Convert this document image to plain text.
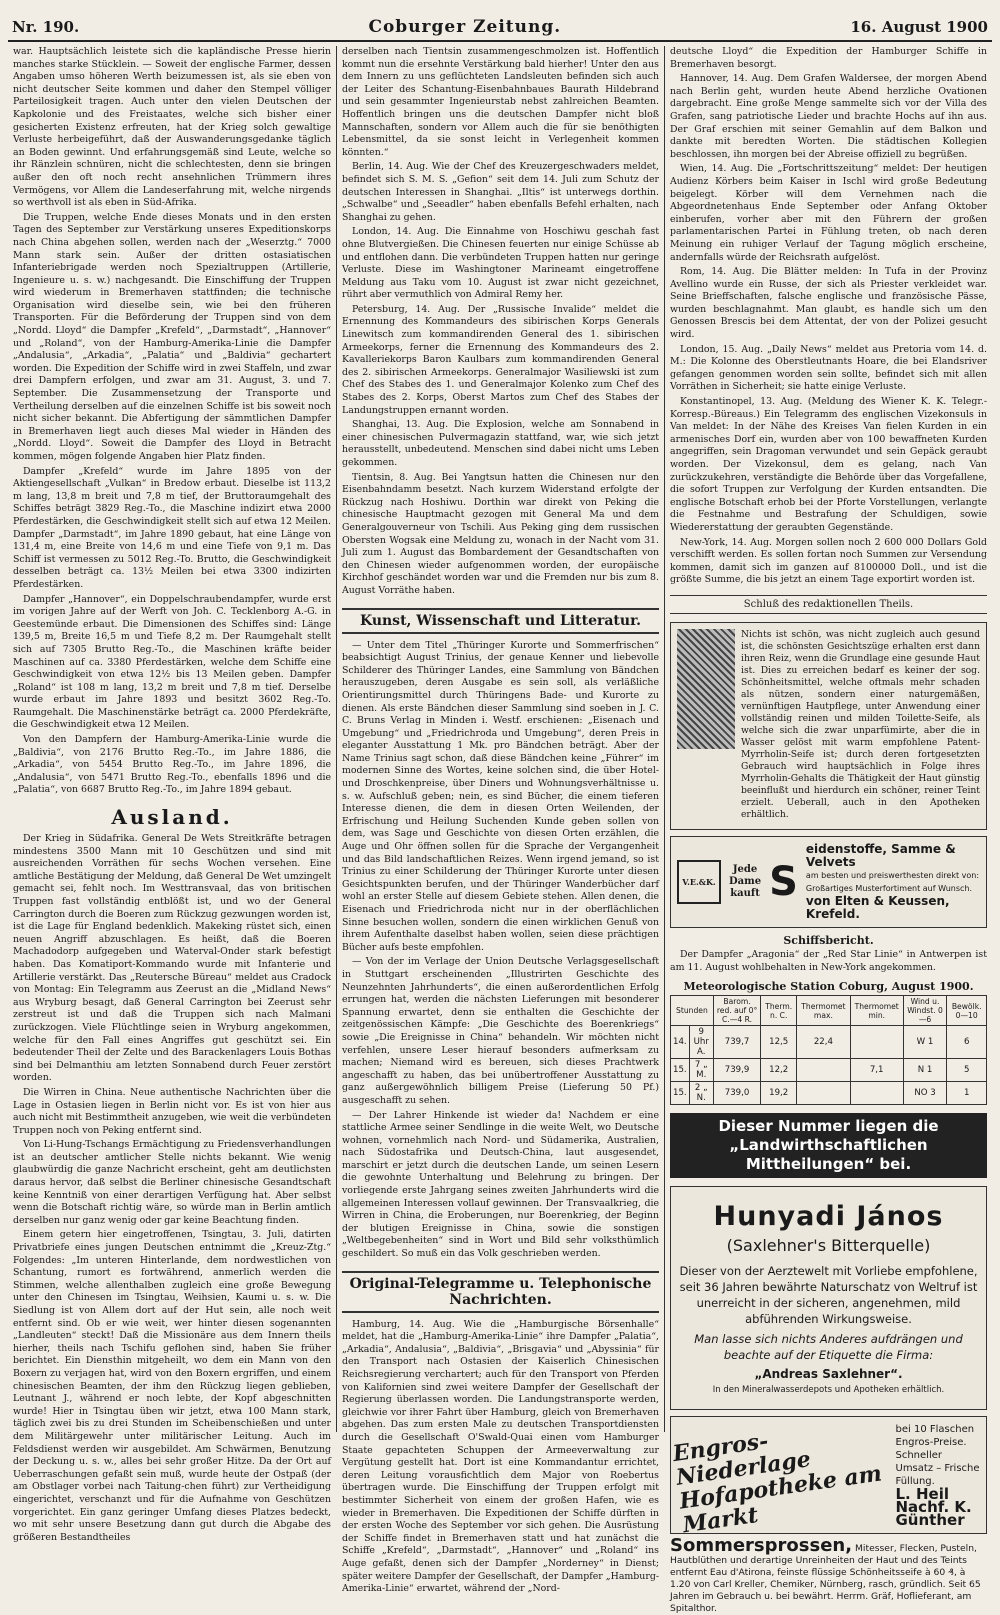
Nr. 190.	Coburger Zeitung.	16. August 1900

war. Hauptsächlich leistete sich die kapländische Presse hierin manches starke Stücklein. — Soweit der englische Farmer, dessen Angaben umso höheren Werth beizumessen ist, als sie eben von nicht deutscher Seite kommen und daher den Stempel völliger Parteilosigkeit tragen. Auch unter den vielen Deutschen der Kapkolonie und des Freistaates, welche sich bisher einer gesicherten Existenz erfreuten, hat der Krieg solch gewaltige Verluste herbeigeführt, daß der Auswanderungsgedanke täglich an Boden gewinnt. Und erfahrungsgemäß sind Leute, welche so ihr Ränzlein schnüren, nicht die schlechtesten, denn sie bringen außer den oft noch recht ansehnlichen Trümmern ihres Vermögens, vor Allem die Landeserfahrung mit, welche nirgends so werthvoll ist als eben in Süd-Afrika.

Die Truppen, welche Ende dieses Monats und in den ersten Tagen des September zur Verstärkung unseres Expeditionskorps nach China abgehen sollen, werden nach der „Weserztg.“ 7000 Mann stark sein. Außer der dritten ostasiatischen Infanteriebrigade werden noch Spezialtruppen (Artillerie, Ingenieure u. s. w.) nachgesandt. Die Einschiffung der Truppen wird wiederum in Bremerhaven stattfinden; die technische Organisation wird dieselbe sein, wie bei den früheren Transporten. Für die Beförderung der Truppen sind von dem „Nordd. Lloyd“ die Dampfer „Krefeld“, „Darmstadt“, „Hannover“ und „Roland“, von der Hamburg-Amerika-Linie die Dampfer „Andalusia“, „Arkadia“, „Palatia“ und „Baldivia“ gechartert worden. Die Expedition der Schiffe wird in zwei Staffeln, und zwar drei Dampfern erfolgen, und zwar am 31. August, 3. und 7. September. Die Zusammensetzung der Transporte und Vertheilung derselben auf die einzelnen Schiffe ist bis soweit noch nicht sicher bekannt. Die Abfertigung der sämmtlichen Dampfer in Bremerhaven liegt auch dieses Mal wieder in Händen des „Nordd. Lloyd“. Soweit die Dampfer des Lloyd in Betracht kommen, mögen folgende Angaben hier Platz finden.

Dampfer „Krefeld“ wurde im Jahre 1895 von der Aktiengesellschaft „Vulkan“ in Bredow erbaut. Dieselbe ist 113,2 m lang, 13,8 m breit und 7,8 m tief, der Bruttoraumgehalt des Schiffes beträgt 3829 Reg.-To., die Maschine indizirt etwa 2000 Pferdestärken, die Geschwindigkeit stellt sich auf etwa 12 Meilen. Dampfer „Darmstadt“, im Jahre 1890 gebaut, hat eine Länge von 131,4 m, eine Breite von 14,6 m und eine Tiefe von 9,1 m. Das Schiff ist vermessen zu 5012 Reg.-To. Brutto, die Geschwindigkeit desselben beträgt ca. 13½ Meilen bei etwa 3300 indizirten Pferdestärken.

Dampfer „Hannover“, ein Doppelschraubendampfer, wurde erst im vorigen Jahre auf der Werft von Joh. C. Tecklenborg A.-G. in Geestemünde erbaut. Die Dimensionen des Schiffes sind: Länge 139,5 m, Breite 16,5 m und Tiefe 8,2 m. Der Raumgehalt stellt sich auf 7305 Brutto Reg.-To., die Maschinen kräfte beider Maschinen auf ca. 3380 Pferdestärken, welche dem Schiffe eine Geschwindigkeit von etwa 12½ bis 13 Meilen geben. Dampfer „Roland“ ist 108 m lang, 13,2 m breit und 7,8 m tief. Derselbe wurde erbaut im Jahre 1893 und besitzt 3602 Reg.-To. Raumgehalt. Die Maschinenstärke beträgt ca. 2000 Pferdekräfte, die Geschwindigkeit etwa 12 Meilen.

Von den Dampfern der Hamburg-Amerika-Linie wurde die „Baldivia“, von 2176 Brutto Reg.-To., im Jahre 1886, die „Arkadia“, von 5454 Brutto Reg.-To., im Jahre 1896, die „Andalusia“, von 5471 Brutto Reg.-To., ebenfalls 1896 und die „Palatia“, von 6687 Brutto Reg.-To., im Jahre 1894 gebaut.

Ausland.

Der Krieg in Südafrika. General De Wets Streitkräfte betragen mindestens 3500 Mann mit 10 Geschützen und sind mit ausreichenden Vorräthen für sechs Wochen versehen. Eine amtliche Bestätigung der Meldung, daß General De Wet umzingelt gemacht sei, fehlt noch. Im Westtransvaal, das von britischen Truppen fast vollständig entblößt ist, und wo der General Carrington durch die Boeren zum Rückzug gezwungen worden ist, ist die Lage für England bedenklich. Makeking rüstet sich, einen neuen Angriff abzuschlagen. Es heißt, daß die Boeren Machadodorp aufgegeben und Waterval-Onder stark befestigt haben. Das Komatiport-Kommando wurde mit Infanterie und Artillerie verstärkt. Das „Reutersche Büreau“ meldet aus Cradock von Montag: Ein Telegramm aus Zeerust an die „Midland News“ aus Wryburg besagt, daß General Carrington bei Zeerust sehr zerstreut ist und daß die Truppen sich nach Malmani zurückzogen. Viele Flüchtlinge seien in Wryburg angekommen, welche für den Fall eines Angriffes gut geschützt sei. Ein bedeutender Theil der Zelte und des Barackenlagers Louis Bothas sind bei Delmanthiu am letzten Sonnabend durch Feuer zerstört worden.

Die Wirren in China. Neue authentische Nachrichten über die Lage in Ostasien liegen in Berlin nicht vor. Es ist von hier aus auch nicht mit Bestimmtheit anzugeben, wie weit die verbündeten Truppen noch von Peking entfernt sind.

Von Li-Hung-Tschangs Ermächtigung zu Friedensverhandlungen ist an deutscher amtlicher Stelle nichts bekannt. Wie wenig glaubwürdig die ganze Nachricht erscheint, geht am deutlichsten daraus hervor, daß selbst die Berliner chinesische Gesandtschaft keine Kenntniß von einer derartigen Verfügung hat. Aber selbst wenn die Botschaft richtig wäre, so würde man in Berlin amtlich derselben nur ganz wenig oder gar keine Beachtung finden.

Einem getern hier eingetroffenen, Tsingtau, 3. Juli, datirten Privatbriefe eines jungen Deutschen entnimmt die „Kreuz-Ztg.“ Folgendes: „Im unteren Hinterlande, dem nordwestlichen von Schantung, rumort es fortwährend, anmerlich werden die Stimmen, welche allenthalben zugleich eine große Bewegung unter den Chinesen im Tsingtau, Weihsien, Kaumi u. s. w. Die Siedlung ist von Allem dort auf der Hut sein, alle noch weit entfernt sind. Ob er wie weit, wer hinter diesen sogenannten „Landleuten“ steckt! Daß die Missionäre aus dem Innern theils hierher, theils nach Tschifu geflohen sind, haben Sie früher berichtet. Ein Diensthin mitgeheilt, wo dem ein Mann von den Boxern zu verjagen hat, wird von den Boxern ergriffen, und einem chinesischen Beamten, der ihm den Rückzug liegen geblieben, Leutnant J., während er noch lebte, der Kopf abgeschnitten wurde! Hier in Tsingtau üben wir jetzt, etwa 100 Mann stark, täglich zwei bis zu drei Stunden im Scheibenschießen und unter dem Militärgewehr unter militärischer Leitung. Auch im Feldsdienst werden wir ausgebildet. Am Schwärmen, Benutzung der Deckung u. s. w., alles bei sehr großer Hitze. Da der Ort auf Ueberraschungen gefaßt sein muß, wurde heute der Ostpaß (der am Obstlager vorbei nach Taitung-chen führt) zur Vertheidigung eingerichtet, verschanzt und für die Aufnahme von Geschützen vorgerichtet. Ein ganz geringer Umfang dieses Platzes bedeckt, wo mit sehr unsere Besetzung dann gut durch die Abgabe des größeren Bestandtheiles

derselben nach Tientsin zusammengeschmolzen ist. Hoffentlich kommt nun die ersehnte Verstärkung bald hierher! Unter den aus dem Innern zu uns geflüchteten Landsleuten befinden sich auch der Leiter des Schantung-Eisenbahnbaues Baurath Hildebrand und sein gesammter Ingenieurstab nebst zahlreichen Beamten. Hoffentlich bringen uns die deutschen Dampfer nicht bloß Mannschaften, sondern vor Allem auch die für sie benöthigten Lebensmittel, da sie sonst leicht in Verlegenheit kommen könnten.“

Berlin, 14. Aug. Wie der Chef des Kreuzergeschwaders meldet, befindet sich S. M. S. „Gefion“ seit dem 14. Juli zum Schutz der deutschen Interessen in Shanghai. „Iltis“ ist unterwegs dorthin. „Schwalbe“ und „Seeadler“ haben ebenfalls Befehl erhalten, nach Shanghai zu gehen.

London, 14. Aug. Die Einnahme von Hoschiwu geschah fast ohne Blutvergießen. Die Chinesen feuerten nur einige Schüsse ab und entflohen dann. Die verbündeten Truppen hatten nur geringe Verluste. Diese im Washingtoner Marineamt eingetroffene Meldung aus Taku vom 10. August ist zwar nicht gezeichnet, rührt aber vermuthlich von Admiral Remy her.

Petersburg, 14. Aug. Der „Russische Invalide“ meldet die Ernennung des Kommandeurs des sibirischen Korps Generals Linewitsch zum kommandirenden General des 1. sibirischen Armeekorps, ferner die Ernennung des Kommandeurs des 2. Kavalleriekorps Baron Kaulbars zum kommandirenden General des 2. sibirischen Armeekorps. Generalmajor Wasiliewski ist zum Chef des Stabes des 1. und Generalmajor Kolenko zum Chef des Stabes des 2. Korps, Oberst Martos zum Chef des Stabes der Landungstruppen ernannt worden.

Shanghai, 13. Aug. Die Explosion, welche am Sonnabend in einer chinesischen Pulvermagazin stattfand, war, wie sich jetzt herausstellt, unbedeutend. Menschen sind dabei nicht ums Leben gekommen.

Tientsin, 8. Aug. Bei Yangtsun hatten die Chinesen nur den Eisenbahndamm besetzt. Nach kurzem Widerstand erfolgte der Rückzug nach Hoshiwu. Dorthin war direkt von Peking die chinesische Hauptmacht gezogen mit General Ma und dem Generalgouverneur von Tschili. Aus Peking ging dem russischen Obersten Wogsak eine Meldung zu, wonach in der Nacht vom 31. Juli zum 1. August das Bombardement der Gesandtschaften von den Chinesen wieder aufgenommen worden, der europäische Kirchhof geschändet worden war und die Fremden nur bis zum 8. August Vorräthe haben.

Kunst, Wissenschaft und Litteratur.

— Unter dem Titel „Thüringer Kurorte und Sommerfrischen“ beabsichtigt August Trinius, der genaue Kenner und liebevolle Schilderer des Thüringer Landes, eine Sammlung von Bändchen herauszugeben, deren Ausgabe es sein soll, als verläßliche Orientirungsmittel durch Thüringens Bade- und Kurorte zu dienen. Als erste Bändchen dieser Sammlung sind soeben in J. C. C. Bruns Verlag in Minden i. Westf. erschienen: „Eisenach und Umgebung“ und „Friedrichroda und Umgebung“, deren Preis in eleganter Ausstattung 1 Mk. pro Bändchen beträgt. Aber der Name Trinius sagt schon, daß diese Bändchen keine „Führer“ im modernen Sinne des Wortes, keine solchen sind, die über Hotel- und Droschkenpreise, über Diners und Wohnungsverhältnisse u. s. w. Aufschluß geben; nein, es sind Bücher, die einem tieferen Interesse dienen, die dem in diesen Orten Weilenden, der Erfrischung und Heilung Suchenden Kunde geben sollen von dem, was Sage und Geschichte von diesen Orten erzählen, die Auge und Ohr öffnen sollen für die Sprache der Vergangenheit und das Bild landschaftlichen Reizes. Wenn irgend jemand, so ist Trinius zu einer Schilderung der Thüringer Kurorte unter diesen Gesichtspunkten berufen, und der Thüringer Wanderbücher darf wohl an erster Stelle auf diesem Gebiete stehen. Allen denen, die Eisenach und Friedrichroda nicht nur in der oberflächlichen Sinne besuchen wollen, sondern die einen wirklichen Genuß von ihrem Aufenthalte daselbst haben wollen, seien diese prächtigen Bücher aufs beste empfohlen.

— Von der im Verlage der Union Deutsche Verlagsgesellschaft in Stuttgart erscheinenden „Illustrirten Geschichte des Neunzehnten Jahrhunderts“, die einen außerordentlichen Erfolg errungen hat, werden die nächsten Lieferungen mit besonderer Spannung erwartet, denn sie enthalten die Geschichte der zeitgenössischen Kämpfe: „Die Geschichte des Boerenkriegs“ sowie „Die Ereignisse in China“ behandeln. Wir möchten nicht verfehlen, unsere Leser hierauf besonders aufmerksam zu machen; Niemand wird es bereuen, sich dieses Prachtwerk angeschafft zu haben, das bei unübertroffener Ausstattung zu ganz außergewöhnlich billigem Preise (Lieferung 50 Pf.) ausgeschafft zu sehen.

— Der Lahrer Hinkende ist wieder da! Nachdem er eine stattliche Armee seiner Sendlinge in die weite Welt, wo Deutsche wohnen, vornehmlich nach Nord- und Südamerika, Australien, nach Südostafrika und Deutsch-China, laut ausgesendet, marschirt er jetzt durch die deutschen Lande, um seinen Lesern die gewohnte Unterhaltung und Belehrung zu bringen. Der vorliegende erste Jahrgang seines zweiten Jahrhunderts wird die allgemeinen Interessen vollauf gewinnen. Der Transvaalkrieg, die Wirren in China, die Eroberungen, nur Boerenkrieg, der Beginn der blutigen Ereignisse in China, sowie die sonstigen „Weltbegebenheiten“ sind in Wort und Bild sehr volksthümlich geschildert. So muß ein das Volk geschrieben werden.

Original-Telegramme u. Telephonische Nachrichten.

Hamburg, 14. Aug. Wie die „Hamburgische Börsenhalle“ meldet, hat die „Hamburg-Amerika-Linie“ ihre Dampfer „Palatia“, „Arkadia“, Andalusia“, „Baldivia“, „Brisgavia“ und „Abyssinia“ für den Transport nach Ostasien der Kaiserlich Chinesischen Reichsregierung verchartert; auch für den Transport von Pferden von Kalifornien sind zwei weitere Dampfer der Gesellschaft der Regierung überlassen worden. Die Landungstransporte werden, gleichwie vor ihrer Fahrt über Hamburg, gleich von Bremerhaven abgehen. Das zum ersten Male zu deutschen Transportdiensten durch die Gesellschaft O'Swald-Quai einen vom Hamburger Staate gepachteten Schuppen der Armeeverwaltung zur Vergütung gestellt hat. Dort ist eine Kommandantur errichtet, deren Leitung vorausfichtlich dem Major von Roebertus übertragen wurde. Die Einschiffung der Truppen erfolgt mit bestimmter Sicherheit von einem der großen Hafen, wie es wieder in Bremerhaven. Die Expeditionen der Schiffe dürften in der ersten Woche des September vor sich gehen. Die Ausrüstung der Schiffe findet in Bremerhaven statt und hat zunächst die Schiffe „Krefeld“, „Darmstadt“, „Hannover“ und „Roland“ ins Auge gefaßt, denen sich der Dampfer „Norderney“ in Dienst; später weitere Dampfer der Gesellschaft, der Dampfer „Hamburg-Amerika-Linie“ erwartet, während der „Nord-

deutsche Lloyd“ die Expedition der Hamburger Schiffe in Bremerhaven besorgt.

Hannover, 14. Aug. Dem Grafen Waldersee, der morgen Abend nach Berlin geht, wurden heute Abend herzliche Ovationen dargebracht. Eine große Menge sammelte sich vor der Villa des Grafen, sang patriotische Lieder und brachte Hochs auf ihn aus. Der Graf erschien mit seiner Gemahlin auf dem Balkon und dankte mit beredten Worten. Die städtischen Kollegien beschlossen, ihn morgen bei der Abreise offiziell zu begrüßen.

Wien, 14. Aug. Die „Fortschrittszeitung“ meldet: Der heutigen Audienz Körbers beim Kaiser in Ischl wird große Bedeutung beigelegt. Körber will dem Vernehmen nach die Abgeordnetenhaus Ende September oder Anfang Oktober einberufen, vorher aber mit den Führern der großen parlamentarischen Partei in Fühlung treten, ob nach deren Meinung ein ruhiger Verlauf der Tagung möglich erscheine, andernfalls würde der Reichsrath aufgelöst.

Rom, 14. Aug. Die Blätter melden: In Tufa in der Provinz Avellino wurde ein Russe, der sich als Priester verkleidet war. Seine Brieffschaften, falsche englische und französische Pässe, wurden beschlagnahmt. Man glaubt, es handle sich um den Genossen Brescis bei dem Attentat, der von der Polizei gesucht wird.

London, 15. Aug. „Daily News“ meldet aus Pretoria vom 14. d. M.: Die Kolonne des Oberstleutnants Hoare, die bei Elandsriver gefangen genommen worden sein sollte, befindet sich mit allen Vorräthen in Sicherheit; sie hatte einige Verluste.

Konstantinopel, 13. Aug. (Meldung des Wiener K. K. Telegr.-Korresp.-Büreaus.) Ein Telegramm des englischen Vizekonsuls in Van meldet: In der Nähe des Kreises Van fielen Kurden in ein armenisches Dorf ein, wurden aber von 100 bewaffneten Kurden angegriffen, sein Dragoman verwundet und sein Gepäck geraubt worden. Der Vizekonsul, dem es gelang, nach Van zurückzukehren, verständigte die Behörde über das Vorgefallene, die sofort Truppen zur Verfolgung der Kurden entsandten. Die englische Botschaft erhob bei der Pforte Vorstellungen, verlangte die Festnahme und Bestrafung der Schuldigen, sowie Wiedererstattung der geraubten Gegenstände.

New-York, 14. Aug. Morgen sollen noch 2 600 000 Dollars Gold verschifft werden. Es sollen fortan noch Summen zur Versendung kommen, damit sich im ganzen auf 8100000 Doll., und ist die größte Summe, die bis jetzt an einem Tage exportirt worden ist.

Schluß des redaktionellen Theils.

Nichts ist schön, was nicht zugleich auch gesund ist, die schönsten Gesichtszüge erhalten erst dann ihren Reiz, wenn die Grundlage eine gesunde Haut ist. Dies zu erreichen bedarf es keiner der sog. Schönheitsmittel, welche oftmals mehr schaden als nützen, sondern einer naturgemäßen, vernünftigen Hautpflege, unter Anwendung einer vollständig reinen und milden Toilette-Seife, als welche sich die zwar unparfümirte, aber die in Wasser gelöst mit warm empfohlene Patent-Myrrholin-Seife ist; durch deren fortgesetzten Gebrauch wird hauptsächlich in Folge ihres Myrrholin-Gehalts die Thätigkeit der Haut günstig beeinflußt und hierdurch ein schöner, reiner Teint erzielt. Ueberall, auch in den Apotheken erhältlich.

V.E.&K.
Jede
Dame
kauft S
eidenstoffe, Samme & Velvets
am besten und preiswerthesten direkt von: Großartiges Musterfortiment auf Wunsch.
von Elten & Keussen, Krefeld.
Schiffsbericht.

Der Dampfer „Aragonia“ der „Red Star Linie“ in Antwerpen ist am 11. August wohlbehalten in New-York angekommen.

Meteorologische Station Coburg, August 1900.
Stunden		Barom. red. auf 0° C.—4 R.	Therm. n. C.	Thermomet max.	Thermomet min.	Wind u. Windst. 0—6	Bewölk. 0—10
14.	9 Uhr A.	739,7	12,5	22,4		W 1	6
15.	7 „ M.	739,9	12,2		7,1	N 1	5
15.	2 „ N.	739,0	19,2			NO 3	1
Dieser Nummer liegen die „Landwirthschaftlichen Mittheilungen“ bei.
Hunyadi János
(Saxlehner's Bitterquelle)
Dieser von der Aerztewelt mit Vorliebe empfohlene, seit 36 Jahren bewährte Naturschatz von Weltruf ist unerreicht in der sicheren, angenehmen, mild abführenden Wirkungsweise.
Man lasse sich nichts Anderes aufdrängen und beachte auf der Etiquette die Firma:
„Andreas Saxlehner“.
In den Mineralwasserdepots und Apotheken erhältlich.
Engros-Niederlage Hofapotheke am Markt
bei 10 Flaschen Engros-Preise.
Schneller Umsatz – Frische Füllung.
L. Heil Nachf. K. Günther
Sommersprossen, Mitesser, Flecken, Pusteln, Hautblüthen und derartige Unreinheiten der Haut und des Teints entfernt Eau d'Atirona, feinste flüssige Schönheitsseife à 60 ₰, à 1.20 von Carl Kreller, Chemiker, Nürnberg, rasch, gründlich. Seit 65 Jahren im Gebrauch u. bei bewährt. Herrm. Gräf, Hoflieferant, am Spitalthor.
